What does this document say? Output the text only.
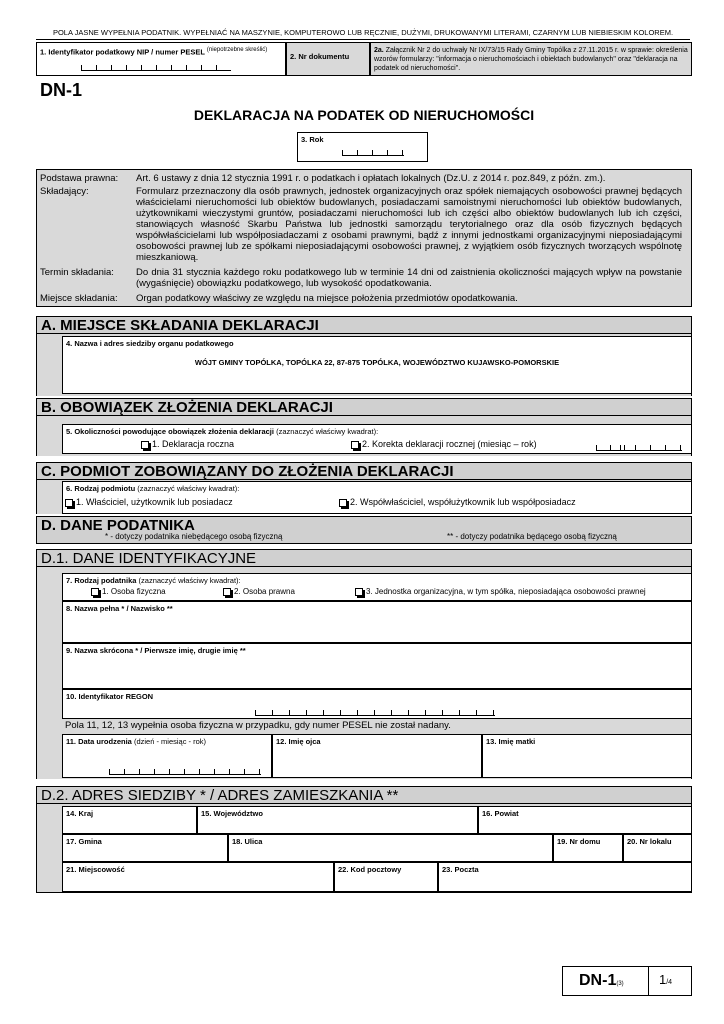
POLA JASNE WYPEŁNIA PODATNIK. WYPEŁNIAĆ NA MASZYNIE, KOMPUTEROWO LUB RĘCZNIE, DUŻYMI, DRUKOWANYMI LITERAMI, CZARNYM LUB NIEBIESKIM KOLOREM.
1. Identyfikator podatkowy NIP / numer PESEL $^{(niepotrzebne skreślić)}$
2. Nr dokumentu
2a. Załącznik Nr 2 do uchwały Nr IX/73/15 Rady Gminy Topólka z 27.11.2015 r. w sprawie: określenia wzorów formularzy: "informacja o nieruchomościach i obiektach budowlanych" oraz "deklaracja na podatek od nieruchomości".
DN-1
DEKLARACJA NA PODATEK OD NIERUCHOMOŚCI
3. Rok
Podstawa prawna: Art. 6 ustawy z dnia 12 stycznia 1991 r. o podatkach i opłatach lokalnych (Dz.U. z 2014 r. poz.849, z późn. zm.).
Składający:	Formularz przeznaczony dla osób prawnych, jednostek organizacyjnych oraz spółek niemających osobowości prawnej będących właścicielami nieruchomości lub obiektów budowlanych, posiadaczami samoistnymi nieruchomości lub obiektów budowlanych, użytkownikami wieczystymi gruntów, posiadaczami nieruchomości lub ich części albo obiektów budowlanych lub ich części, stanowiących własność Skarbu Państwa lub jednostki samorządu terytorialnego oraz dla osób fizycznych będących współwłaścicielami lub współposiadaczami z osobami prawnymi, bądź z innymi jednostkami organizacyjnymi nieposiadającymi osobowości prawnej lub ze spółkami nieposiadającymi osobowości prawnej, z wyjątkiem osób fizycznych tworzących wspólnotę mieszkaniową.
Termin składania: Do dnia 31 stycznia każdego roku podatkowego lub w terminie 14 dni od zaistnienia okoliczności mających wpływ na powstanie (wygaśnięcie) obowiązku podatkowego, lub wysokość opodatkowania.
Miejsce składania: Organ podatkowy właściwy ze względu na miejsce położenia przedmiotów opodatkowania.
A. MIEJSCE SKŁADANIA DEKLARACJI
4. Nazwa i adres siedziby organu podatkowego
WÓJT GMINY TOPÓLKA, TOPÓLKA 22, 87-875 TOPÓLKA, WOJEWÓDZTWO KUJAWSKO-POMORSKIE
B. OBOWIĄZEK ZŁOŻENIA DEKLARACJI
5. Okoliczności powodujące obowiązek złożenia deklaracji (zaznaczyć właściwy kwadrat):
1. Deklaracja roczna	2. Korekta deklaracji rocznej (miesiąc – rok)
C. PODMIOT ZOBOWIĄZANY DO ZŁOŻENIA DEKLARACJI
6. Rodzaj podmiotu (zaznaczyć właściwy kwadrat):
1. Właściciel, użytkownik lub posiadacz	2. Współwłaściciel, współużytkownik lub współposiadacz
D. DANE PODATNIKA
* - dotyczy podatnika niebędącego osobą fizyczną	** - dotyczy podatnika będącego osobą fizyczną
D.1. DANE IDENTYFIKACYJNE
7. Rodzaj podatnika (zaznaczyć właściwy kwadrat):
1. Osoba fizyczna	2. Osoba prawna	3. Jednostka organizacyjna, w tym spółka, nieposiadająca osobowości prawnej
8. Nazwa pełna * / Nazwisko **
9. Nazwa skrócona * / Pierwsze imię, drugie imię **
10. Identyfikator REGON
Pola 11, 12, 13 wypełnia osoba fizyczna w przypadku, gdy numer PESEL nie został nadany.
11. Data urodzenia (dzień - miesiąc - rok)	12. Imię ojca	13. Imię matki
D.2. ADRES SIEDZIBY * / ADRES ZAMIESZKANIA **
14. Kraj	15. Województwo	16. Powiat
17. Gmina	18. Ulica	19. Nr domu	20. Nr lokalu
21. Miejscowość	22. Kod pocztowy	23. Poczta
DN-1(3)	1/4
